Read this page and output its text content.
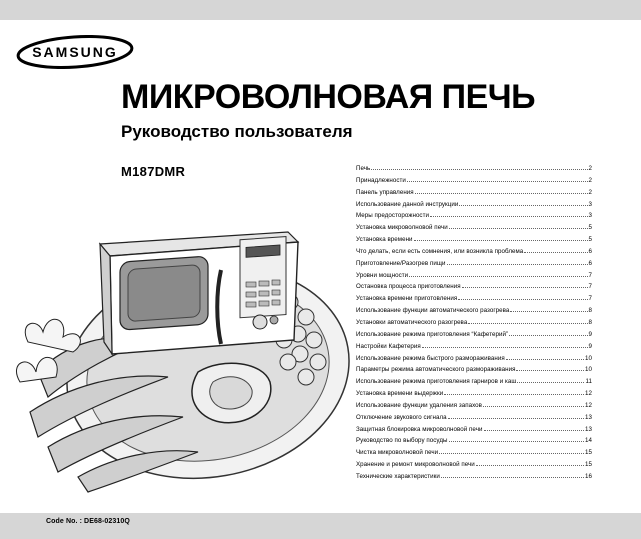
SAMSUNG
МИКРОВОЛНОВАЯ ПЕЧЬ
Руководство пользователя
M187DMR	Печь	2
Принадлежности	2
Панель управления	2
Использование данной инструкции	3
Меры предосторожности	3
Установка микроволновой печи	5
Установка времени	5
Что делать, если есть сомнения, или возникла проблема	6
Приготовление/Разогрев пищи	6
Уровни мощности	7
Остановка процесса приготовления	7
Установка времени приготовления	7
Использование функции автоматического разогрева	8
Установки автоматического разогрева	8
Использование режима приготовления “Кафетерий”	9
Настройки Кафетерия	9
Использование режима быстрого размораживания	10
Параметры режима автоматического размораживания	10
Использование режима приготовления гарниров и каш	11
Установка времени выдержки	12
Использование функции удаления запахов	12
Отключение звукового сигнала	13
Защитная блокировка микроволновой печи	13
Руководство по выбору посуды	14
Чистка микроволновой печи	15
Хранение и ремонт микроволновой печи	15
Технические характеристики	16
Code No. : DE68-02310Q
